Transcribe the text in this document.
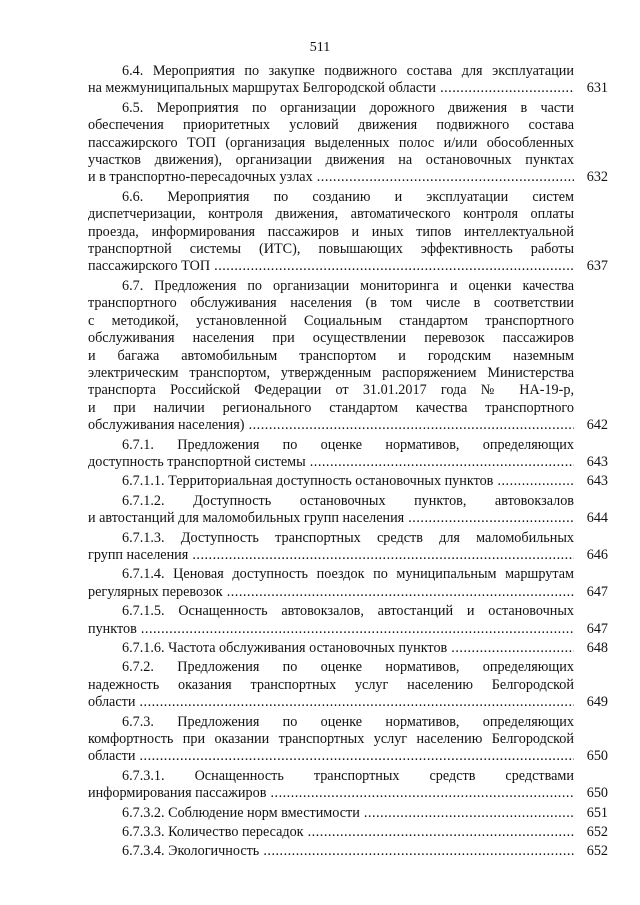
511
6.4. Мероприятия по закупке подвижного состава для эксплуатации
на межмуниципальных маршрутах Белгородской области .....	631
6.5. Мероприятия по организации дорожного движения в части
обеспечения приоритетных условий движения подвижного состава
пассажирского ТОП (организация выделенных полос и/или обособленных
участков движения), организации движения на остановочных пунктах
и в транспортно-пересадочных узлах .....	632
6.6. Мероприятия по созданию и эксплуатации систем
диспетчеризации, контроля движения, автоматического контроля оплаты
проезда, информирования пассажиров и иных типов интеллектуальной
транспортной системы (ИТС), повышающих эффективность работы
пассажирского ТОП .....	637
6.7. Предложения по организации мониторинга и оценки качества
транспортного обслуживания населения (в том числе в соответствии
с методикой, установленной Социальным стандартом транспортного
обслуживания населения при осуществлении перевозок пассажиров
и багажа автомобильным транспортом и городским наземным
электрическим транспортом, утвержденным распоряжением Министерства
транспорта Российской Федерации от 31.01.2017 года № НА-19-р,
и при наличии регионального стандартом качества транспортного
обслуживания населения) .....	642
6.7.1. Предложения по оценке нормативов, определяющих
доступность транспортной системы .....	643
6.7.1.1. Территориальная доступность остановочных пунктов .....	643
6.7.1.2. Доступность остановочных пунктов, автовокзалов
и автостанций для маломобильных групп населения .....	644
6.7.1.3. Доступность транспортных средств для маломобильных
групп населения .....	646
6.7.1.4. Ценовая доступность поездок по муниципальным маршрутам
регулярных перевозок .....	647
6.7.1.5. Оснащенность автовокзалов, автостанций и остановочных
пунктов .....	647
6.7.1.6. Частота обслуживания остановочных пунктов .....	648
6.7.2. Предложения по оценке нормативов, определяющих
надежность оказания транспортных услуг населению Белгородской
области .....	649
6.7.3. Предложения по оценке нормативов, определяющих
комфортность при оказании транспортных услуг населению Белгородской
области .....	650
6.7.3.1. Оснащенность транспортных средств средствами
информирования пассажиров .....	650
6.7.3.2. Соблюдение норм вместимости .....	651
6.7.3.3. Количество пересадок .....	652
6.7.3.4. Экологичность .....	652
